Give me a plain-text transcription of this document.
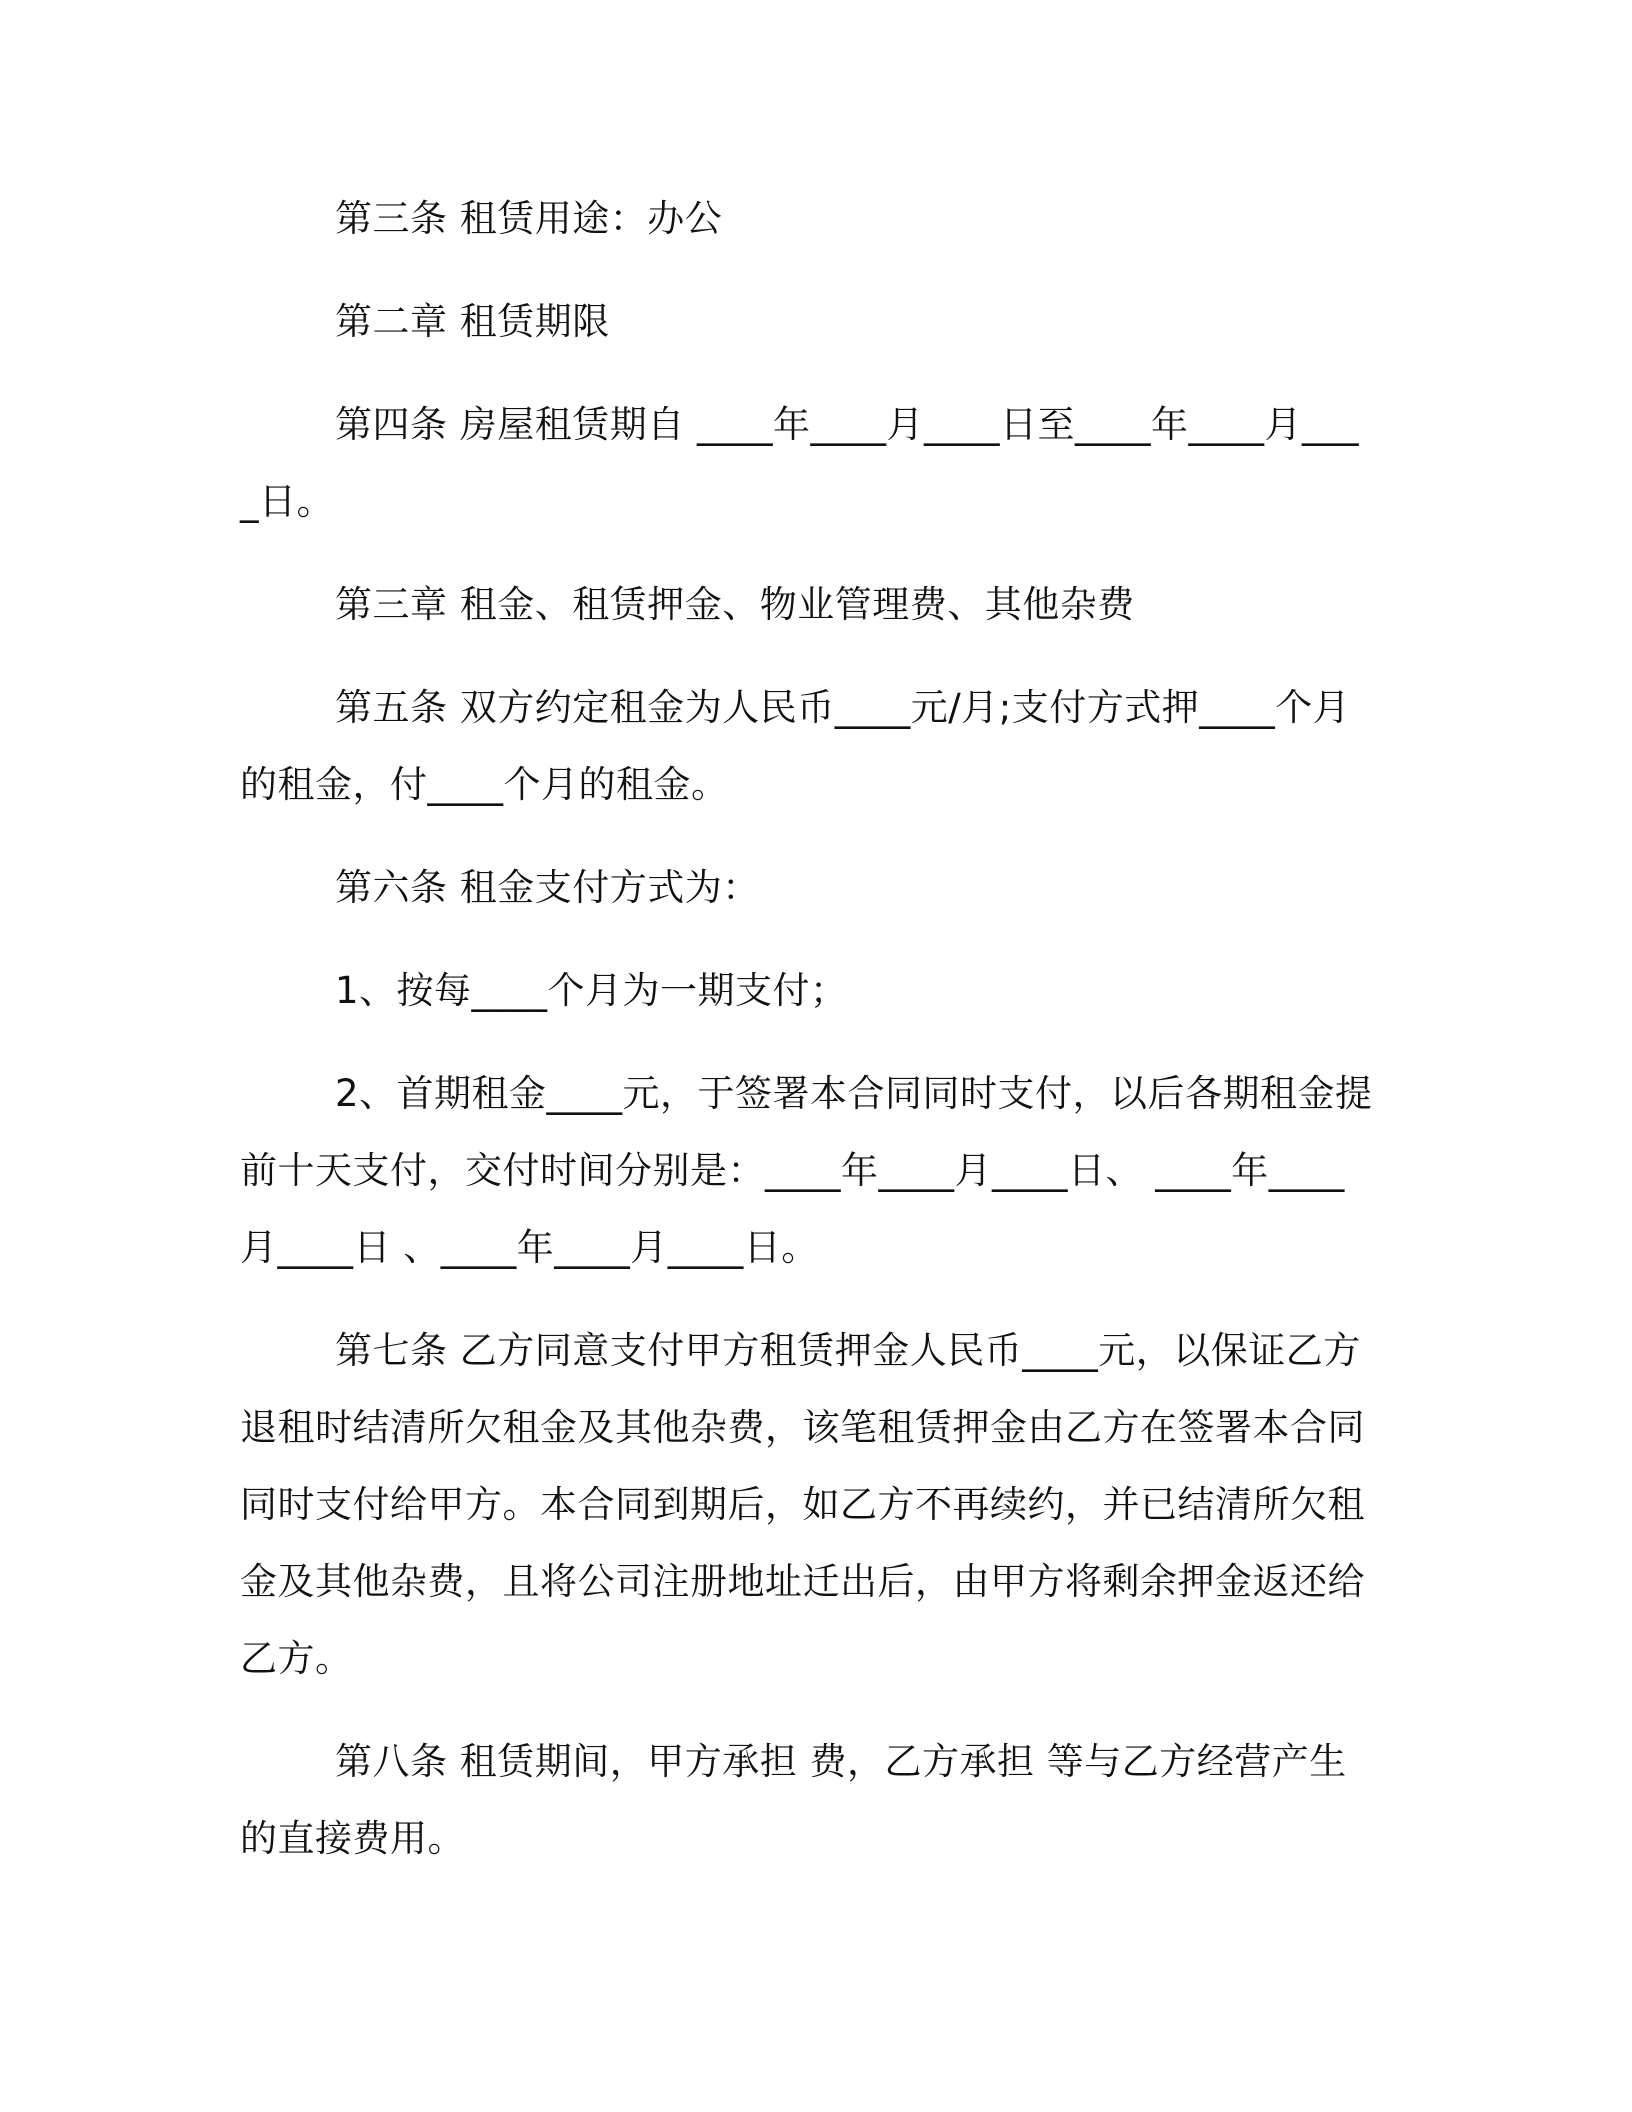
第三条 租赁用途：办公

第二章 租赁期限

第四条 房屋租赁期自 ____年____月____日至____年____月____日。

第三章 租金、租赁押金、物业管理费、其他杂费

第五条 双方约定租金为人民币____元/月;支付方式押____个月的租金，付____个月的租金。

第六条 租金支付方式为：

1、按每____个月为一期支付；

2、首期租金____元，于签署本合同同时支付，以后各期租金提前十天支付，交付时间分别是：____年____月____日、 ____年____月____日 、____年____月____日。

第七条 乙方同意支付甲方租赁押金人民币____元，以保证乙方退租时结清所欠租金及其他杂费，该笔租赁押金由乙方在签署本合同同时支付给甲方。本合同到期后，如乙方不再续约，并已结清所欠租金及其他杂费，且将公司注册地址迁出后，由甲方将剩余押金返还给乙方。

第八条 租赁期间，甲方承担 费，乙方承担 等与乙方经营产生的直接费用。
